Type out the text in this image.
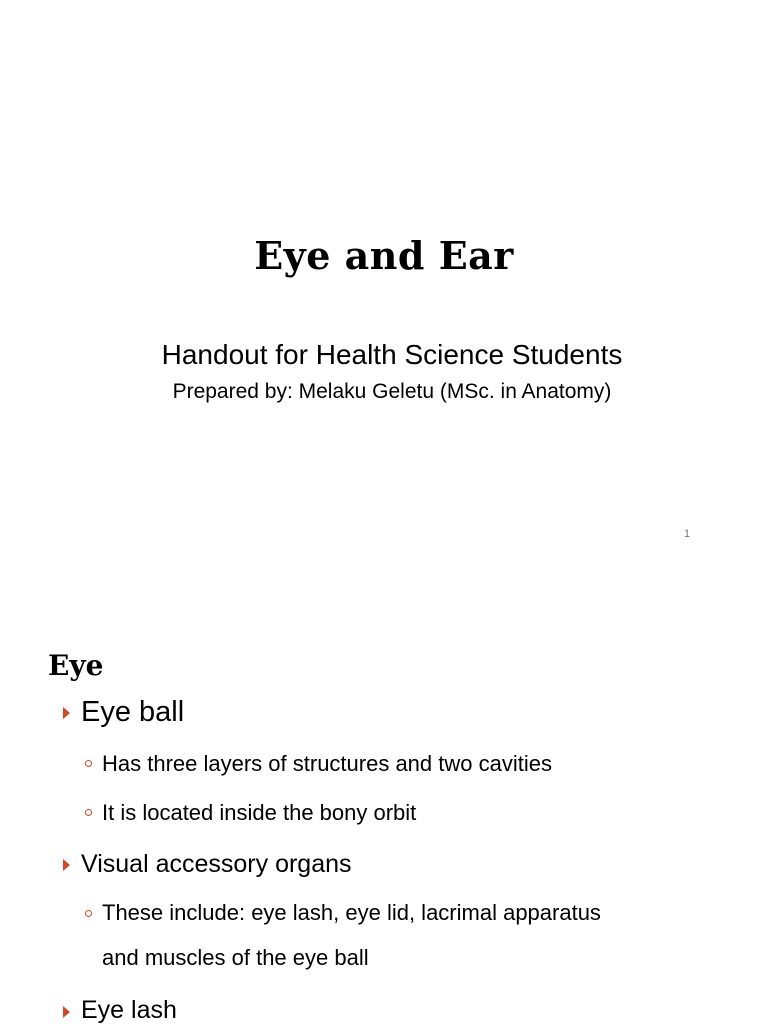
Eye and Ear

Handout for Health Science Students

Prepared by: Melaku Geletu (MSc. in Anatomy)

1
Eye
Eye ball
Has three layers of structures and two cavities
It is located inside the bony orbit
Visual accessory organs
These include: eye lash, eye lid, lacrimal apparatus
and muscles of the eye ball
Eye lash
